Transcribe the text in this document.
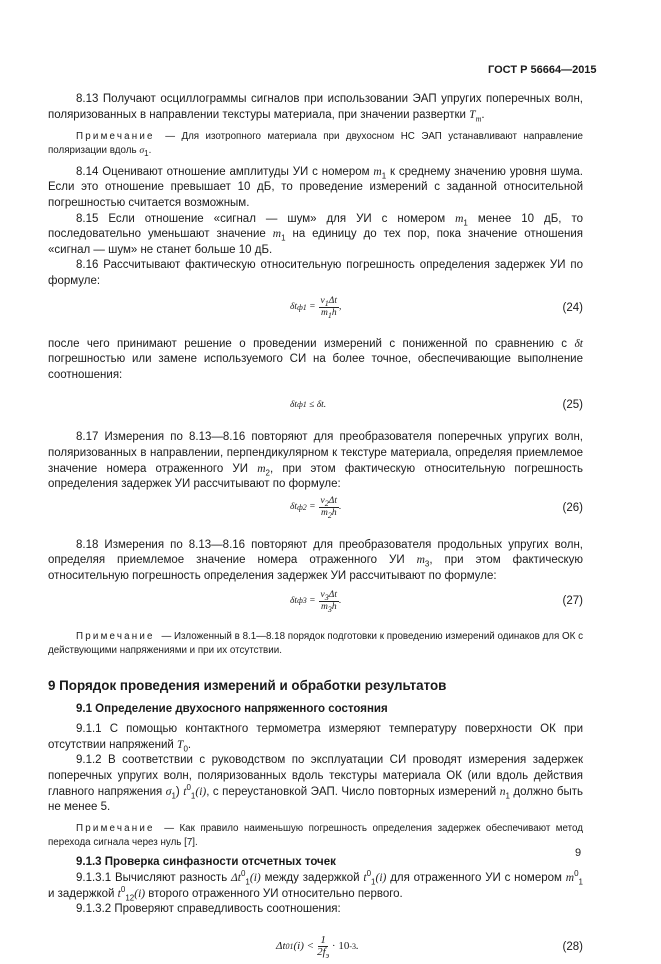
ГОСТ Р 56664—2015

8.13 Получают осциллограммы сигналов при использовании ЭАП упругих поперечных волн, поляризованных в направлении текстуры материала, при значении развертки $T_m$.

Примечание — Для изотропного материала при двухосном НС ЭАП устанавливают направление поляризации вдоль $\sigma_1$.

8.14 Оценивают отношение амплитуды УИ с номером $m_1$ к среднему значению уровня шума. Если это отношение превышает 10 дБ, то проведение измерений с заданной относительной погрешностью считается возможным.

8.15 Если отношение «сигнал — шум» для УИ с номером $m_1$ менее 10 дБ, то последовательно уменьшают значение $m_1$ на единицу до тех пор, пока значение отношения «сигнал — шум» не станет больше 10 дБ.

8.16 Рассчитывают фактическую относительную погрешность определения задержек УИ по формуле:

δt ф $1 = \frac{v_1\Delta t}{m_1h}$ ,	(24)

после чего принимают решение о проведении измерений с пониженной по сравнению с δt погрешностью или замене используемого СИ на более точное, обеспечивающие выполнение соотношения:

δt ф 1
≤ δt.	(25)

8.17 Измерения по 8.13—8.16 повторяют для преобразователя поперечных упругих волн, поляризованных в направлении, перпендикулярном к текстуре материала, определяя приемлемое значение номера отраженного УИ $m_2$, при этом фактическую относительную погрешность определения задержек УИ рассчитывают по формуле:

δt ф $2 = \frac{v_2\Delta t}{m_2h}$ .	(26)

8.18 Измерения по 8.13—8.16 повторяют для преобразователя продольных упругих волн, определяя приемлемое значение номера отраженного УИ $m_3$, при этом фактическую относительную погрешность определения задержек УИ рассчитывают по формуле:

δt ф $3 = \frac{v_3\Delta t}{m_3h}$ .	(27)

Примечание — Изложенный в 8.1—8.18 порядок подготовки к проведению измерений одинаков для ОК с действующими напряжениями и при их отсутствии.

9 Порядок проведения измерений и обработки результатов

9.1 Определение двухосного напряженного состояния

9.1.1 С помощью контактного термометра измеряют температуру поверхности ОК при отсутствии напряжений $T_0$.

9.1.2 В соответствии с руководством по эксплуатации СИ проводят измерения задержек поперечных упругих волн, поляризованных вдоль текстуры материала ОК (или вдоль действия главного напряжения $\sigma_1$) $t^0_1(i)$, с переустановкой ЭАП. Число повторных измерений $n_1$ должно быть не менее 5.

Примечание — Как правило наименьшую погрешность определения задержек обеспечивают метод перехода сигнала через нуль [7].

9.1.3 Проверка синфазности отсчетных точек

9.1.3.1 Вычисляют разность $\Delta t^0_1(i)$ между задержкой $t^0_1(i)$ для отраженного УИ с номером $m^0_1$ и задержкой $t^0_{12}(i)$ второго отраженного УИ относительно первого.

9.1.3.2 Проверяют справедливость соотношения:

Δt 0 1 $(i) < \frac{1}{2f_э}$
· 10 -3 .	(28)
9
